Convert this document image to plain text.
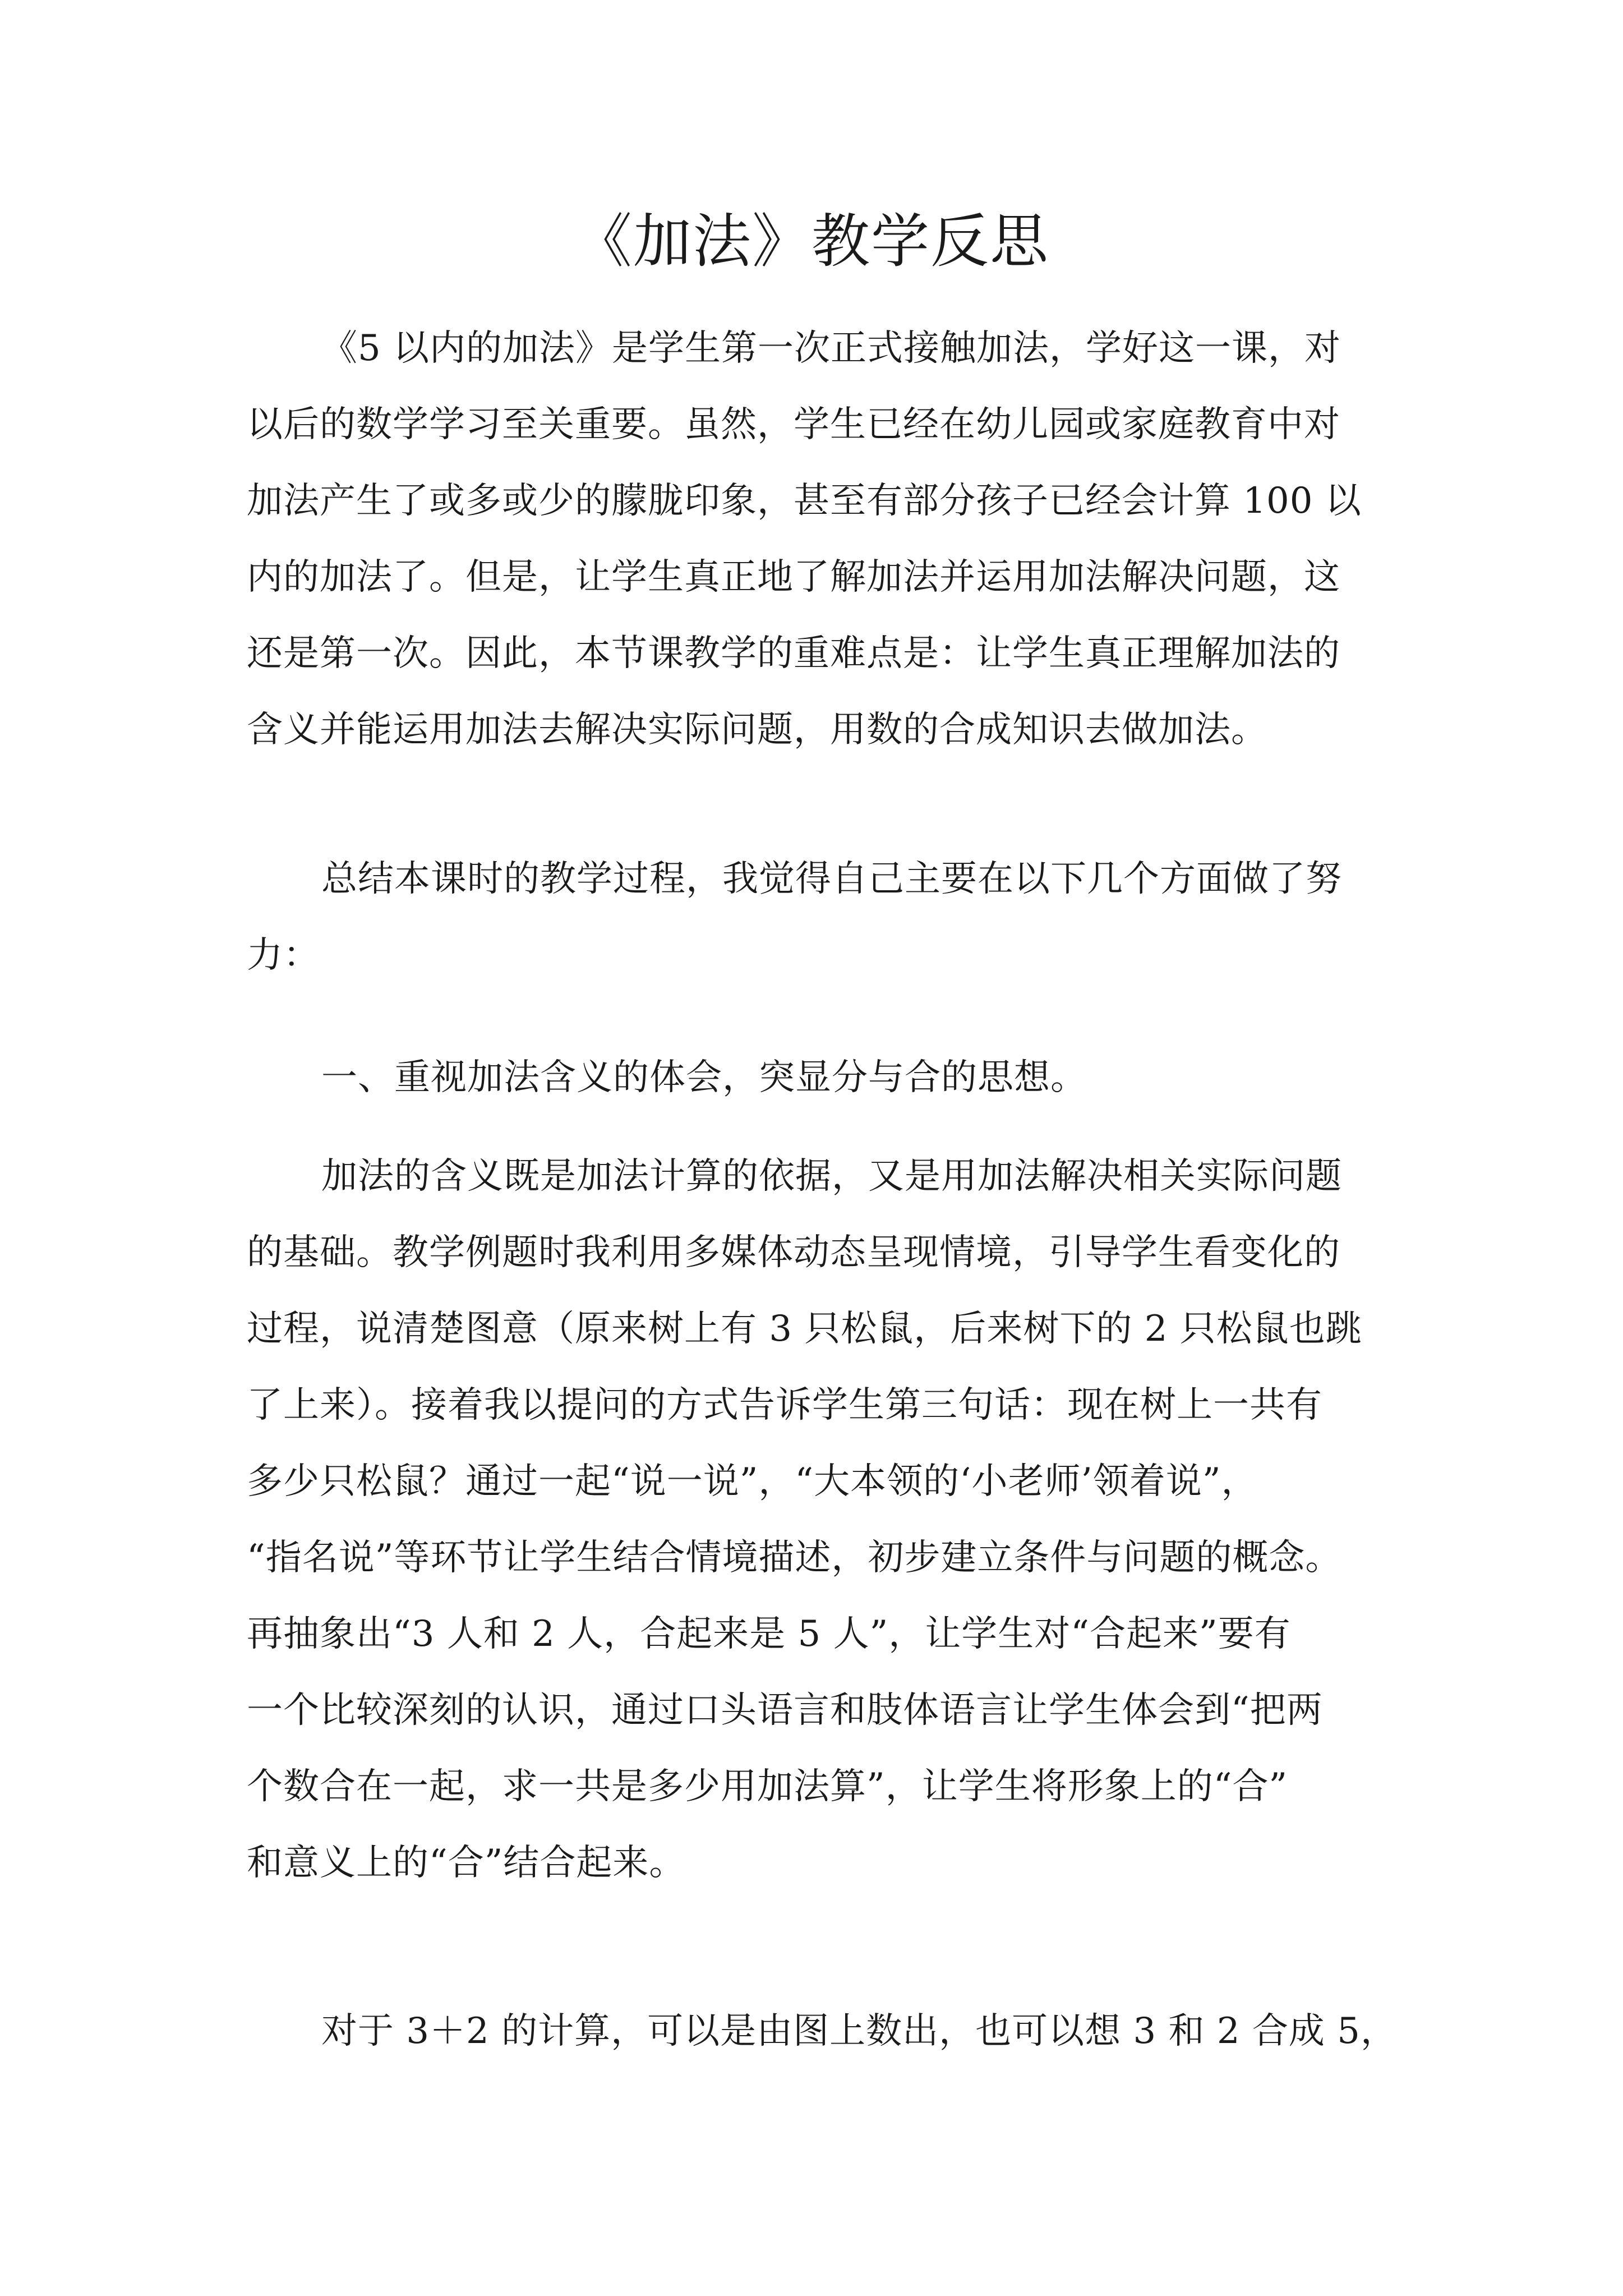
《加法》教学反思
《5 以内的加法》是学生第一次正式接触加法，学好这一课，对
以后的数学学习至关重要。虽然，学生已经在幼儿园或家庭教育中对
加法产生了或多或少的朦胧印象，甚至有部分孩子已经会计算 100 以
内的加法了。但是，让学生真正地了解加法并运用加法解决问题，这
还是第一次。因此，本节课教学的重难点是：让学生真正理解加法的
含义并能运用加法去解决实际问题，用数的合成知识去做加法。
总结本课时的教学过程，我觉得自己主要在以下几个方面做了努
力：
一、重视加法含义的体会，突显分与合的思想。
加法的含义既是加法计算的依据，又是用加法解决相关实际问题
的基础。教学例题时我利用多媒体动态呈现情境，引导学生看变化的
过程，说清楚图意（原来树上有 3 只松鼠，后来树下的 2 只松鼠也跳
了上来）。接着我以提问的方式告诉学生第三句话：现在树上一共有
多少只松鼠？通过一起“说一说”，“大本领的‘小老师’领着说”，
“指名说”等环节让学生结合情境描述，初步建立条件与问题的概念。
再抽象出“3 人和 2 人，合起来是 5 人”，让学生对“合起来”要有
一个比较深刻的认识，通过口头语言和肢体语言让学生体会到“把两
个数合在一起，求一共是多少用加法算”，让学生将形象上的“合”
和意义上的“合”结合起来。
对于 3＋2 的计算，可以是由图上数出，也可以想 3 和 2 合成 5，
